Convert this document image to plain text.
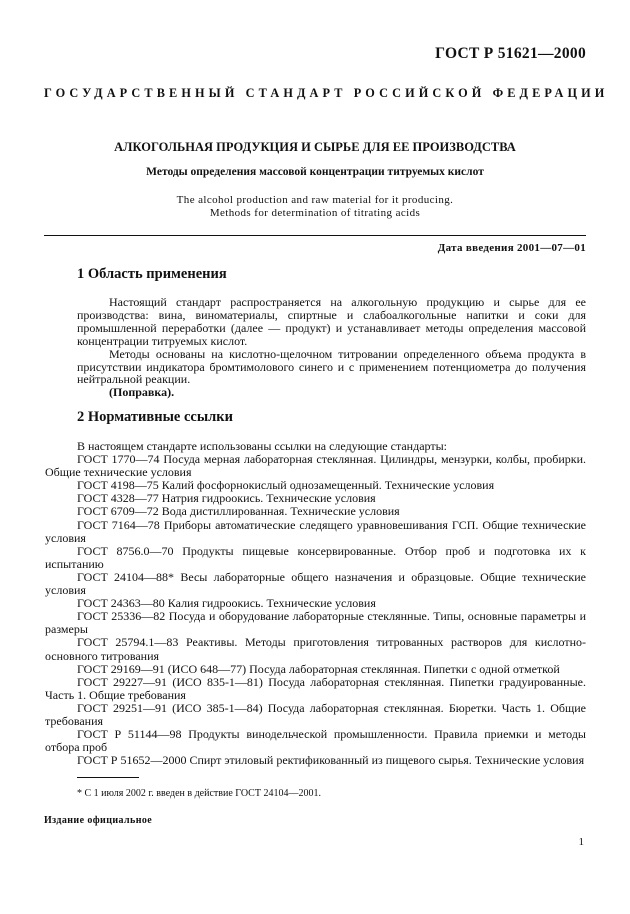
ГОСТ Р 51621—2000
ГОСУДАРСТВЕННЫЙ СТАНДАРТ РОССИЙСКОЙ ФЕДЕРАЦИИ
АЛКОГОЛЬНАЯ ПРОДУКЦИЯ И СЫРЬЕ ДЛЯ ЕЕ ПРОИЗВОДСТВА
Методы определения массовой концентрации титруемых кислот
The alcohol production and raw material for it producing.
Methods for determination of titrating acids
Дата введения 2001—07—01
1 Область применения

Настоящий стандарт распространяется на алкогольную продукцию и сырье для ее производства: вина, виноматериалы, спиртные и слабоалкогольные напитки и соки для промышленной переработки (далее — продукт) и устанавливает методы определения массовой концентрации титруемых кислот.

Методы основаны на кислотно-щелочном титровании определенного объема продукта в присутствии индикатора бромтимолового синего и с применением потенциометра до получения нейтральной реакции.

(Поправка).

2 Нормативные ссылки
В настоящем стандарте использованы ссылки на следующие стандарты:
ГОСТ 1770—74 Посуда мерная лабораторная стеклянная. Цилиндры, мензурки, колбы, пробирки. Общие технические условия
ГОСТ 4198—75 Калий фосфорнокислый однозамещенный. Технические условия
ГОСТ 4328—77 Натрия гидроокись. Технические условия
ГОСТ 6709—72 Вода дистиллированная. Технические условия
ГОСТ 7164—78 Приборы автоматические следящего уравновешивания ГСП. Общие технические условия
ГОСТ 8756.0—70 Продукты пищевые консервированные. Отбор проб и подготовка их к испытанию
ГОСТ 24104—88* Весы лабораторные общего назначения и образцовые. Общие технические условия
ГОСТ 24363—80 Калия гидроокись. Технические условия
ГОСТ 25336—82 Посуда и оборудование лабораторные стеклянные. Типы, основные параметры и размеры
ГОСТ 25794.1—83 Реактивы. Методы приготовления титрованных растворов для кислотно-основного титрования
ГОСТ 29169—91 (ИСО 648—77) Посуда лабораторная стеклянная. Пипетки с одной отметкой
ГОСТ 29227—91 (ИСО 835-1—81) Посуда лабораторная стеклянная. Пипетки градуированные. Часть 1. Общие требования
ГОСТ 29251—91 (ИСО 385-1—84) Посуда лабораторная стеклянная. Бюретки. Часть 1. Общие требования
ГОСТ Р 51144—98 Продукты винодельческой промышленности. Правила приемки и методы отбора проб
ГОСТ Р 51652—2000 Спирт этиловый ректификованный из пищевого сырья. Технические условия
* С 1 июля 2002 г. введен в действие ГОСТ 24104—2001.
Издание официальное
1
